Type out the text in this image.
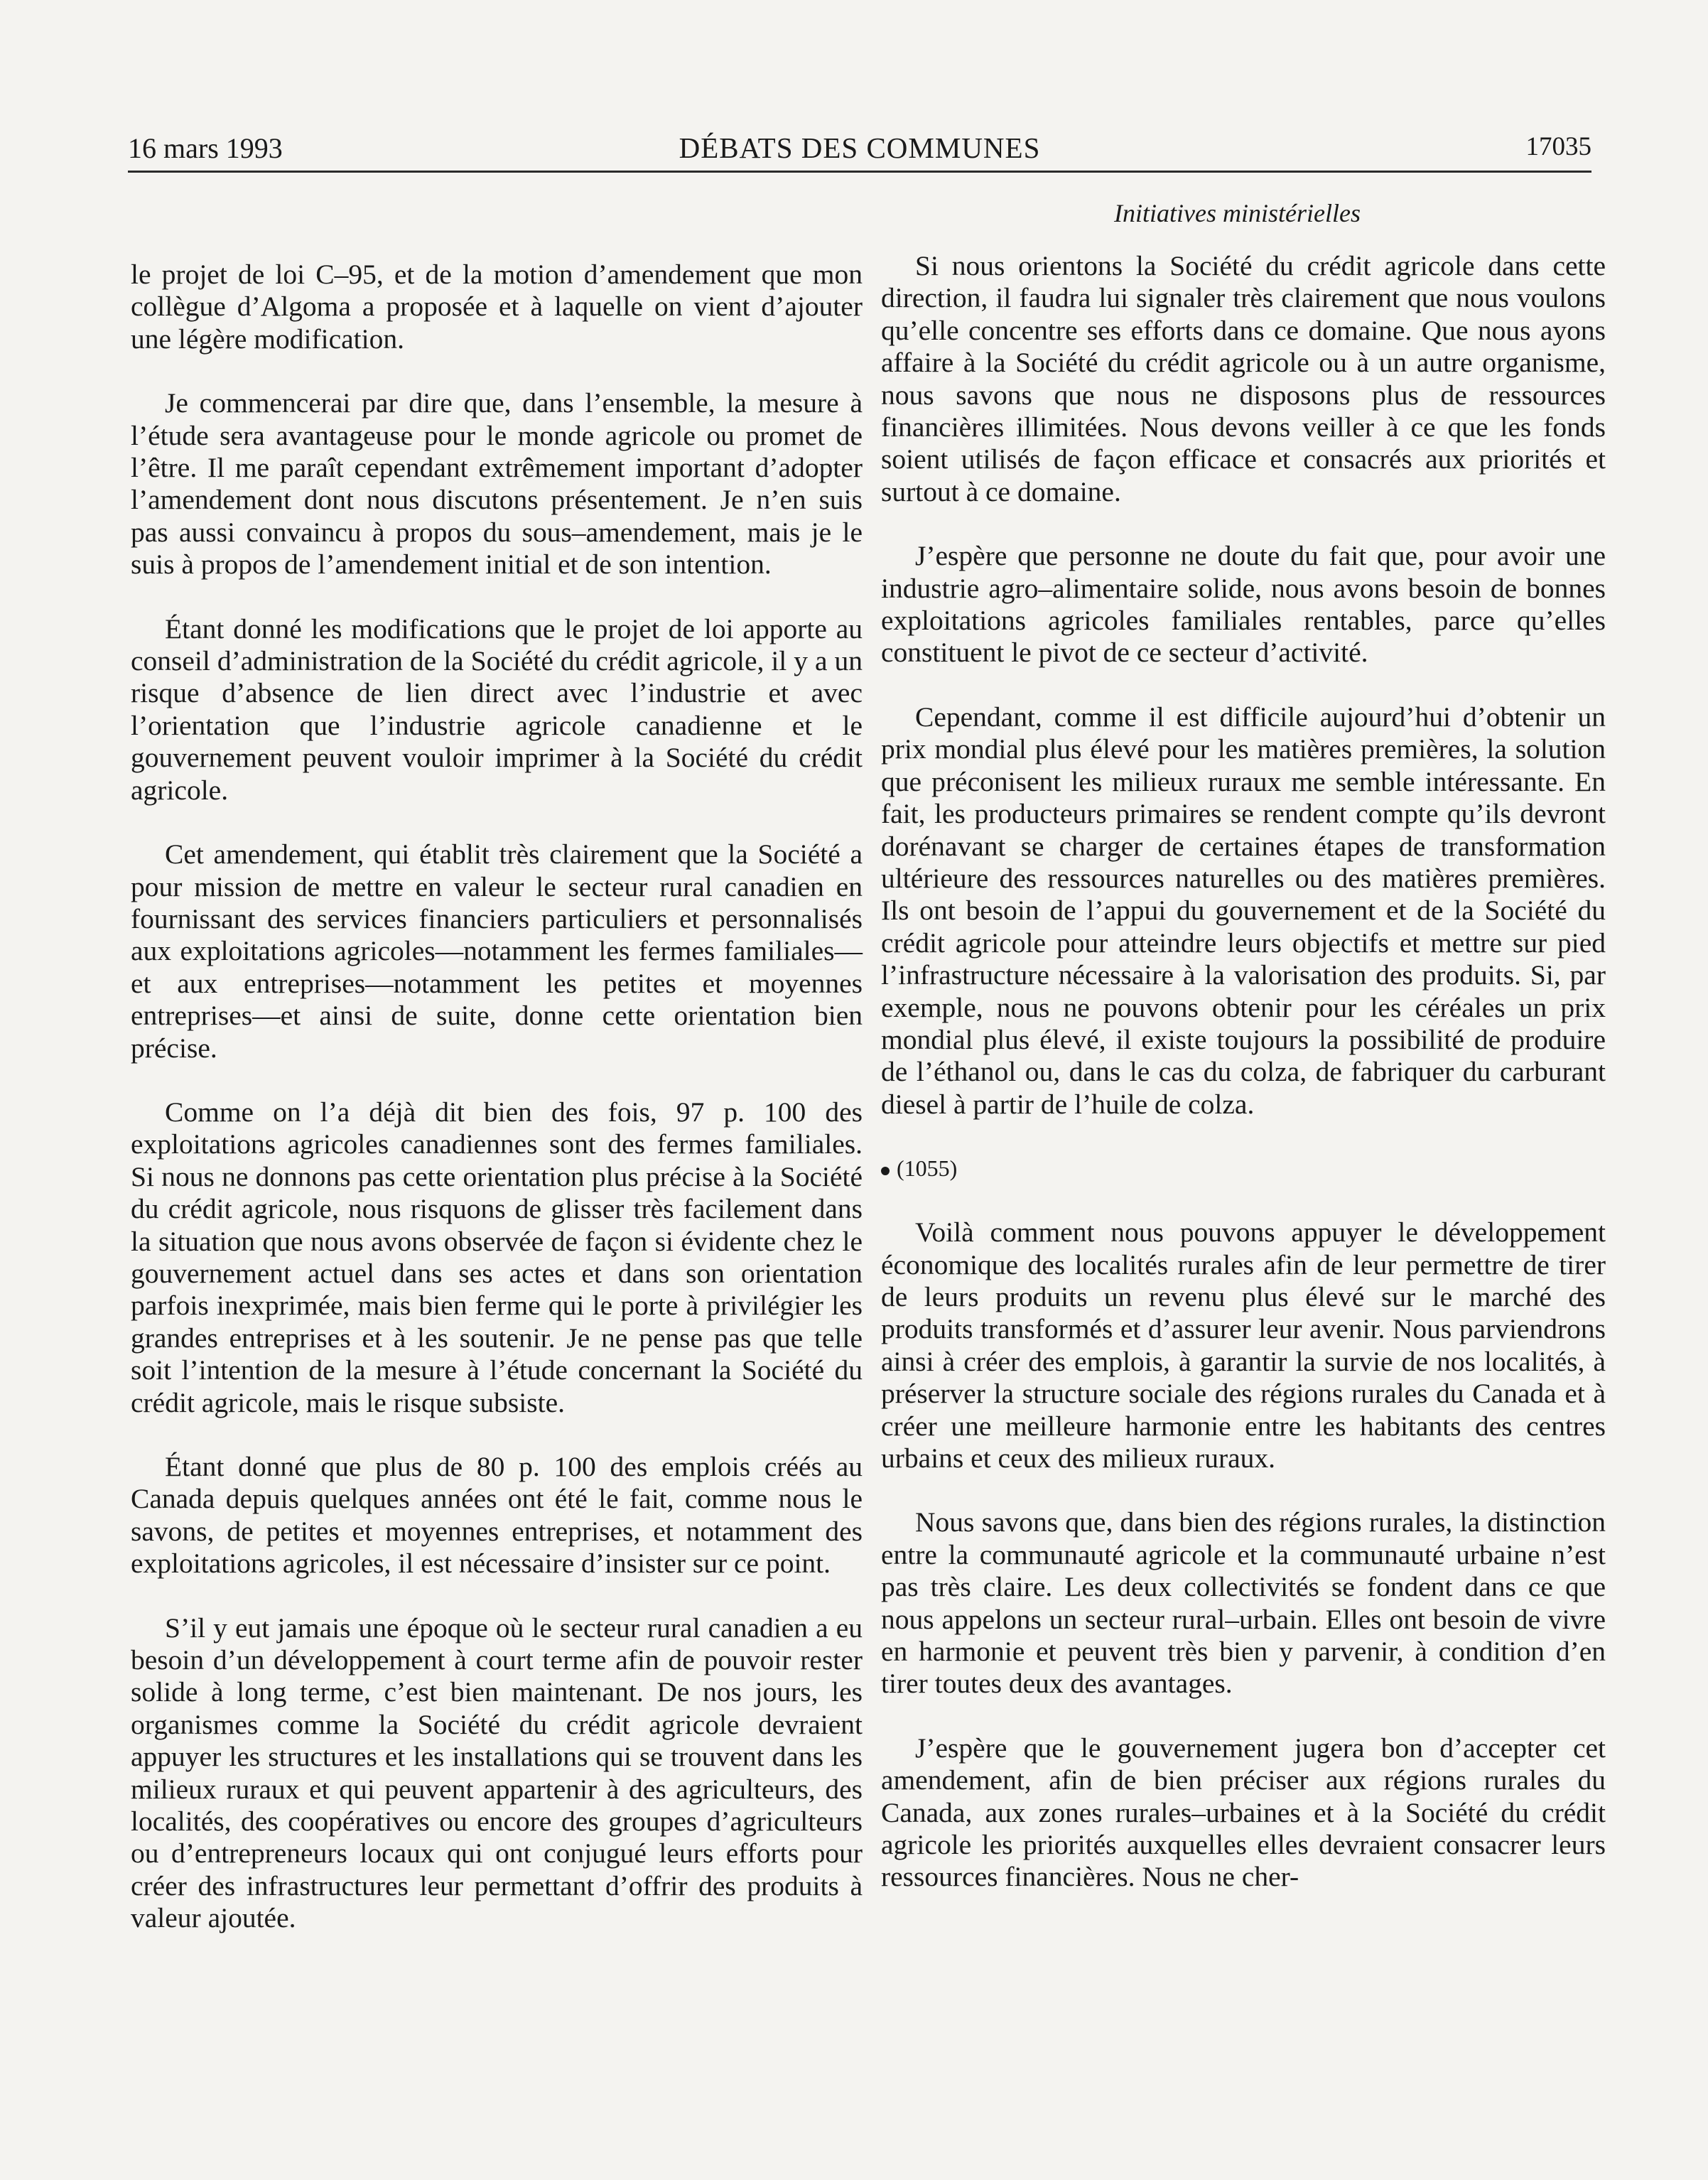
16 mars 1993	DÉBATS DES COMMUNES	17035
Initiatives ministérielles

le projet de loi C–95, et de la motion d’amendement que mon collègue d’Algoma a proposée et à laquelle on vient d’ajouter une légère modification.

Je commencerai par dire que, dans l’ensemble, la mesure à l’étude sera avantageuse pour le monde agricole ou promet de l’être. Il me paraît cependant extrêmement important d’adopter l’amendement dont nous discutons présentement. Je n’en suis pas aussi convaincu à propos du sous–amendement, mais je le suis à propos de l’amendement initial et de son intention.

Étant donné les modifications que le projet de loi apporte au conseil d’administration de la Société du crédit agricole, il y a un risque d’absence de lien direct avec l’industrie et avec l’orientation que l’industrie agricole canadienne et le gouvernement peuvent vouloir imprimer à la Société du crédit agricole.

Cet amendement, qui établit très clairement que la Société a pour mission de mettre en valeur le secteur rural canadien en fournissant des services financiers particuliers et personnalisés aux exploitations agricoles—notamment les fermes familiales—et aux entreprises—notamment les petites et moyennes entreprises—et ainsi de suite, donne cette orientation bien précise.

Comme on l’a déjà dit bien des fois, 97 p. 100 des exploitations agricoles canadiennes sont des fermes familiales. Si nous ne donnons pas cette orientation plus précise à la Société du crédit agricole, nous risquons de glisser très facilement dans la situation que nous avons observée de façon si évidente chez le gouvernement actuel dans ses actes et dans son orientation parfois inexprimée, mais bien ferme qui le porte à privilégier les grandes entreprises et à les soutenir. Je ne pense pas que telle soit l’intention de la mesure à l’étude concernant la Société du crédit agricole, mais le risque subsiste.

Étant donné que plus de 80 p. 100 des emplois créés au Canada depuis quelques années ont été le fait, comme nous le savons, de petites et moyennes entreprises, et notamment des exploitations agricoles, il est nécessaire d’insister sur ce point.

S’il y eut jamais une époque où le secteur rural canadien a eu besoin d’un développement à court terme afin de pouvoir rester solide à long terme, c’est bien maintenant. De nos jours, les organismes comme la Société du crédit agricole devraient appuyer les structures et les installations qui se trouvent dans les milieux ruraux et qui peuvent appartenir à des agriculteurs, des localités, des coopératives ou encore des groupes d’agriculteurs ou d’entrepreneurs locaux qui ont conjugué leurs efforts pour créer des infrastructures leur permettant d’offrir des produits à valeur ajoutée.

Si nous orientons la Société du crédit agricole dans cette direction, il faudra lui signaler très clairement que nous voulons qu’elle concentre ses efforts dans ce domaine. Que nous ayons affaire à la Société du crédit agricole ou à un autre organisme, nous savons que nous ne disposons plus de ressources financières illimitées. Nous devons veiller à ce que les fonds soient utilisés de façon efficace et consacrés aux priorités et surtout à ce domaine.

J’espère que personne ne doute du fait que, pour avoir une industrie agro–alimentaire solide, nous avons besoin de bonnes exploitations agricoles familiales rentables, parce qu’elles constituent le pivot de ce secteur d’activité.

Cependant, comme il est difficile aujourd’hui d’obtenir un prix mondial plus élevé pour les matières premières, la solution que préconisent les milieux ruraux me semble intéressante. En fait, les producteurs primaires se rendent compte qu’ils devront dorénavant se charger de certaines étapes de transformation ultérieure des ressources naturelles ou des matières premières. Ils ont besoin de l’appui du gouvernement et de la Société du crédit agricole pour atteindre leurs objectifs et mettre sur pied l’infrastructure nécessaire à la valorisation des produits. Si, par exemple, nous ne pouvons obtenir pour les céréales un prix mondial plus élevé, il existe toujours la possibilité de produire de l’éthanol ou, dans le cas du colza, de fabriquer du carburant diesel à partir de l’huile de colza.

(1055)

Voilà comment nous pouvons appuyer le développement économique des localités rurales afin de leur permettre de tirer de leurs produits un revenu plus élevé sur le marché des produits transformés et d’assurer leur avenir. Nous parviendrons ainsi à créer des emplois, à garantir la survie de nos localités, à préserver la structure sociale des régions rurales du Canada et à créer une meilleure harmonie entre les habitants des centres urbains et ceux des milieux ruraux.

Nous savons que, dans bien des régions rurales, la distinction entre la communauté agricole et la communauté urbaine n’est pas très claire. Les deux collectivités se fondent dans ce que nous appelons un secteur rural–urbain. Elles ont besoin de vivre en harmonie et peuvent très bien y parvenir, à condition d’en tirer toutes deux des avantages.

J’espère que le gouvernement jugera bon d’accepter cet amendement, afin de bien préciser aux régions rurales du Canada, aux zones rurales–urbaines et à la Société du crédit agricole les priorités auxquelles elles devraient consacrer leurs ressources financières. Nous ne cher-
